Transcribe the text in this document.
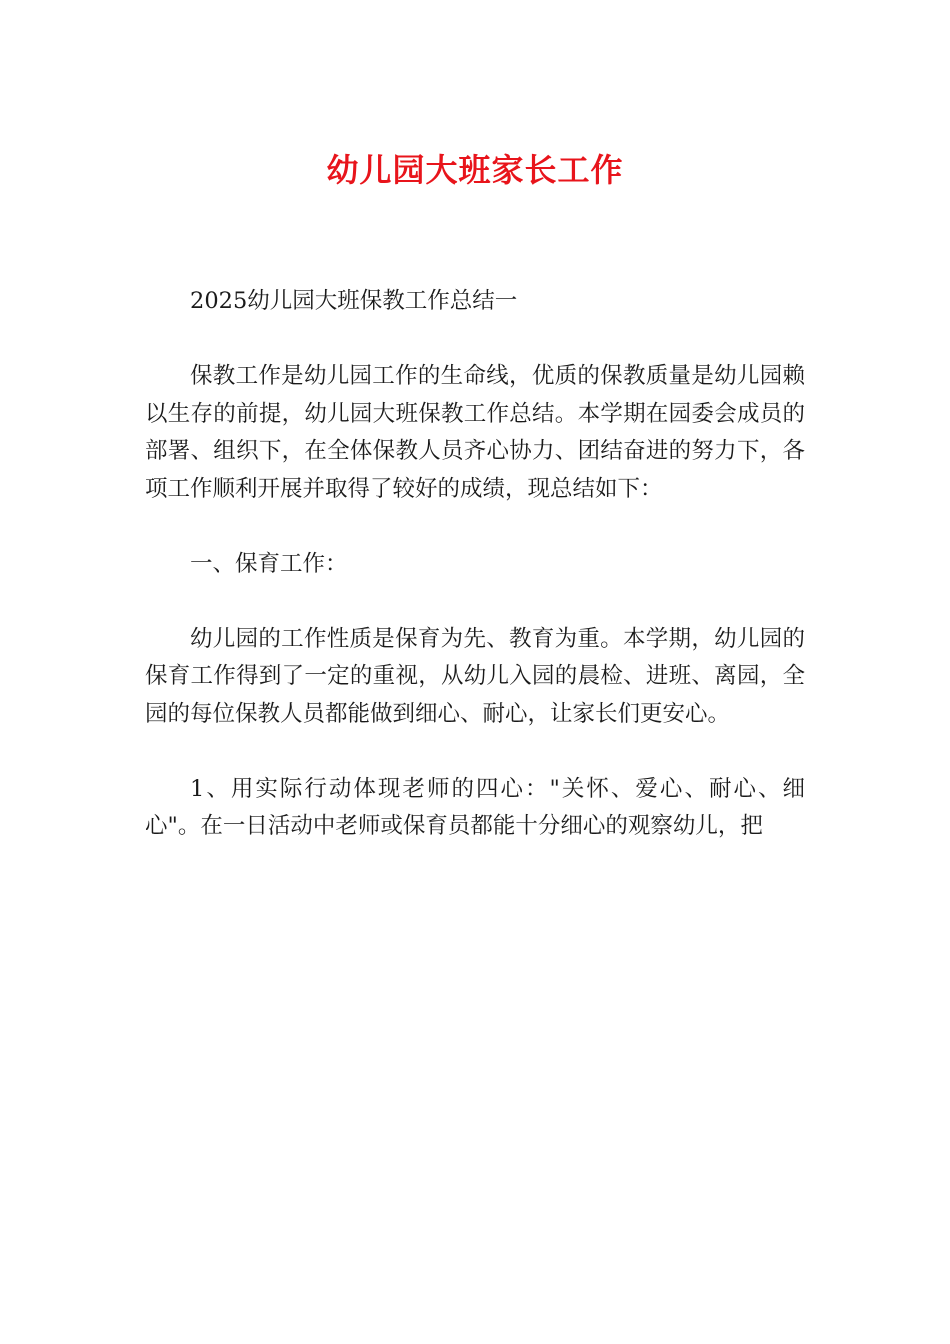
幼儿园大班家长工作

2025幼儿园大班保教工作总结一

保教工作是幼儿园工作的生命线，优质的保教质量是幼儿园赖以生存的前提，幼儿园大班保教工作总结。本学期在园委会成员的部署、组织下，在全体保教人员齐心协力、团结奋进的努力下，各项工作顺利开展并取得了较好的成绩，现总结如下：

一、保育工作：

幼儿园的工作性质是保育为先、教育为重。本学期，幼儿园的保育工作得到了一定的重视，从幼儿入园的晨检、进班、离园，全园的每位保教人员都能做到细心、耐心，让家长们更安心。

1、用实际行动体现老师的四心："关怀、爱心、耐心、细心"。在一日活动中老师或保育员都能十分细心的观察幼儿，把
